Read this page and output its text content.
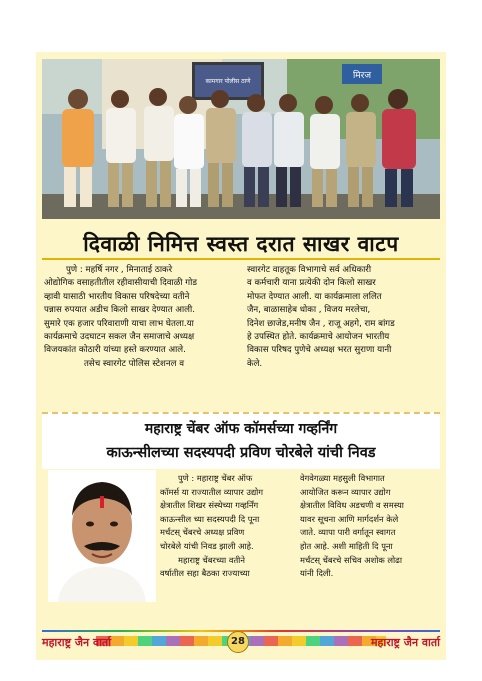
मिरज
कामगार पोलीस ठाणे
दिवाळी निमित्त स्वस्त दरात साखर वाटप

पुणे : महर्षि नगर , मिनाताई ठाकरे

ओद्योगिक वसाहतीतील रहीवासीयाची दिवाळी गोड

व्हावी यासाठी भारतीय विकास परिषदेच्या वतीने

पन्नास रुपयात अडीच किलो साखर देण्यात आली.

सुमारे एक हजार परिवाराणी याचा लाभ घेतला.या

कार्यक्रमाचे उदघाटन सकल जैन समाजाचे अध्यक्ष

विजयकांत कोठारी यांच्या हस्ते करण्यात आले.

तसेच स्वारगेट पोलिस स्टेशनल व

स्वारगेट वाहतूक विभागाचे सर्व अधिकारी

व कर्मचारी याना प्रत्येकी दोन किलो साखर

मोफत देण्यात आली. या कार्यक्रमाला ललित

जैन, बाळासाहेब धोका , विजय मरलेचा,

दिनेश छाजेड,मनीष जैन , राजू अहगे, राम बांगड

हे उपस्थित होते. कार्यक्रमाचे आयोजन भारतीय

विकास परिषद पुणेचे अध्यक्ष भरत सुराणा यानी

केले.

महाराष्ट्र चेंबर ऑफ कॉमर्सच्या गव्हर्निंग
काऊन्सीलच्या सदस्यपदी प्रविण चोरबेले यांची निवड

पुणे : महाराष्ट्र चेंबर ऑफ

कॉमर्स या राज्यातील व्यापार उद्योग

क्षेत्रातील शिखर संस्थेच्या गव्हर्निंग

काऊन्सील च्या सदस्यपदी दि पूना

मर्चंटस् चेंबरचे अध्यक्ष प्रविण

चोरबेले यांची निवड झाली आहे.

महाराष्ट्र चेंबरच्या वतीने

वर्षातील सहा बैठका राज्याच्या

वेगवेगळ्या महसुली विभागात

आयोजित करून व्यापार उद्योग

क्षेत्रातील विविध अडचणी व समस्या

यावर सूचना आणि मार्गदर्शन केले

जाते. व्यापा पारी वर्गातून स्वागत

होत आहे. अशी माहिती दि पूना

मर्चंटस् चेंबरचे सचिव अशोक लोढा

यांनी दिली.

महाराष्ट्र जैन वार्ता	28	महाराष्ट्र जैन वार्ता
